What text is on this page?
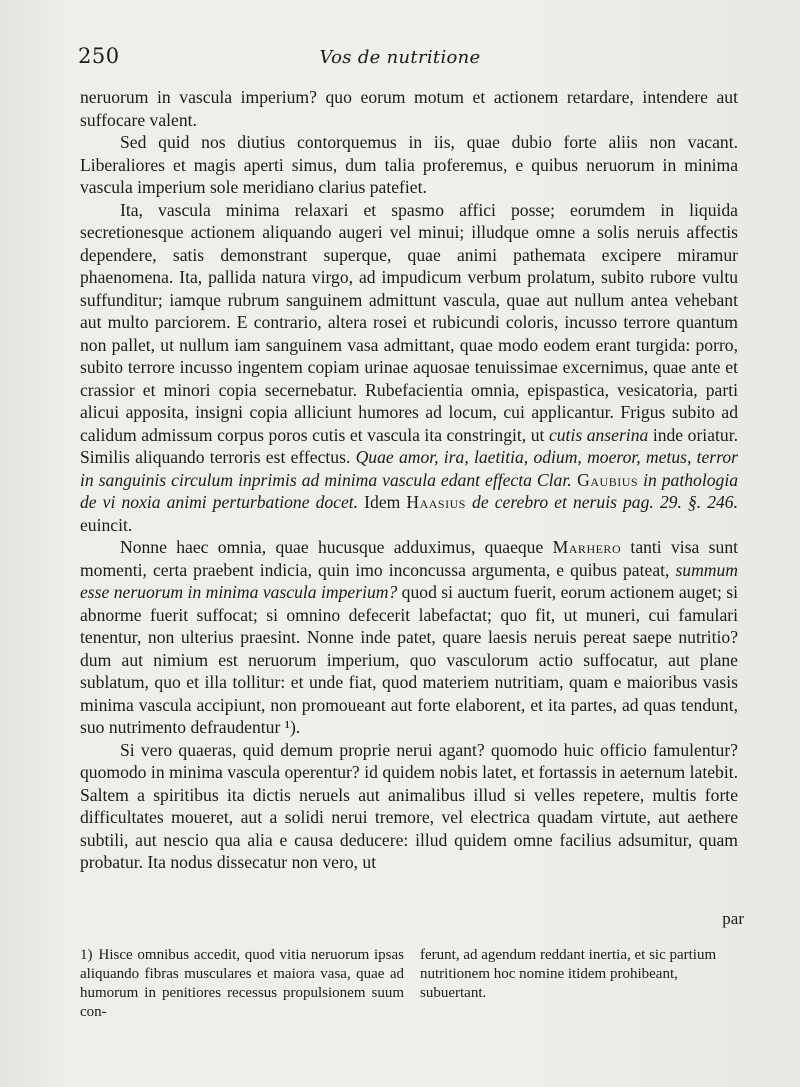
250	Vos de nutritione

neruorum in vascula imperium? quo eorum motum et actionem retardare, intendere aut suffocare valent.

Sed quid nos diutius contorquemus in iis, quae dubio forte aliis non vacant. Liberaliores et magis aperti simus, dum talia proferemus, e quibus neruorum in minima vascula imperium sole meridiano clarius patefiet.

Ita, vascula minima relaxari et spasmo affici posse; eorumdem in liquida secretionesque actionem aliquando augeri vel minui; illudque omne a solis neruis affectis dependere, satis demonstrant superque, quae animi pathemata excipere miramur phaenomena. Ita, pallida natura virgo, ad impudicum verbum prolatum, subito rubore vultu suffunditur; iamque rubrum sanguinem admittunt vascula, quae aut nullum antea vehebant aut multo parciorem. E contrario, altera rosei et rubicundi coloris, incusso terrore quantum non pallet, ut nullum iam sanguinem vasa admittant, quae modo eodem erant turgida: porro, subito terrore incusso ingentem copiam urinae aquosae tenuissimae excernimus, quae ante et crassior et minori copia secernebatur. Rubefacientia omnia, epispastica, vesicatoria, parti alicui apposita, insigni copia alliciunt humores ad locum, cui applicantur. Frigus subito ad calidum admissum corpus poros cutis et vascula ita constringit, ut cutis anserina inde oriatur. Similis aliquando terroris est effectus. Quae amor, ira, laetitia, odium, moeror, metus, terror in sanguinis circulum inprimis ad minima vascula edant effecta Clar. Gaubius in pathologia de vi noxia animi perturbatione docet. Idem Haasius de cerebro et neruis pag. 29. §. 246. euincit.

Nonne haec omnia, quae hucusque adduximus, quaeque Marhero tanti visa sunt momenti, certa praebent indicia, quin imo inconcussa argumenta, e quibus pateat, summum esse neruorum in minima vascula imperium? quod si auctum fuerit, eorum actionem auget; si abnorme fuerit suffocat; si omnino defecerit labefactat; quo fit, ut muneri, cui famulari tenentur, non ulterius praesint. Nonne inde patet, quare laesis neruis pereat saepe nutritio? dum aut nimium est neruorum imperium, quo vasculorum actio suffocatur, aut plane sublatum, quo et illa tollitur: et unde fiat, quod materiem nutritiam, quam e maioribus vasis minima vascula accipiunt, non promoueant aut forte elaborent, et ita partes, ad quas tendunt, suo nutrimento defraudentur ¹).

Si vero quaeras, quid demum proprie nerui agant? quomodo huic officio famulentur? quomodo in minima vascula operentur? id quidem nobis latet, et fortassis in aeternum latebit. Saltem a spiritibus ita dictis neruels aut animalibus illud si velles repetere, multis forte difficultates moueret, aut a solidi nerui tremore, vel electrica quadam virtute, aut aethere subtili, aut nescio qua alia e causa deducere: illud quidem omne facilius adsumitur, quam probatur. Ita nodus dissecatur non vero, ut

par
1) Hisce omnibus accedit, quod vitia neruorum ipsas aliquando fibras musculares et maiora vasa, quae ad humorum in penitiores recessus propulsionem suum con-
ferunt, ad agendum reddant inertia, et sic partium nutritionem hoc nomine itidem prohibeant, subuertant.
